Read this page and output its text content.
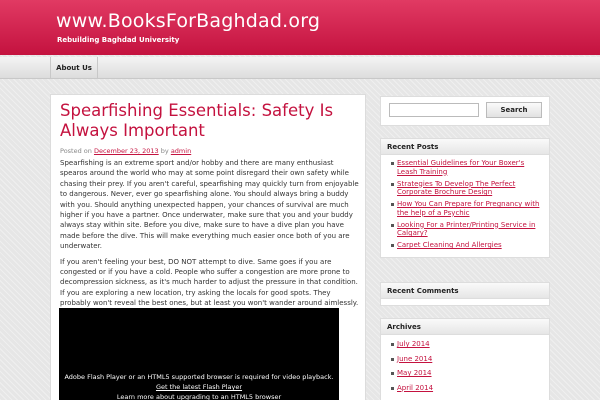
www.BooksForBaghdad.org
Rebuilding Baghdad University
About Us
Spearfishing Essentials: Safety Is Always Important
Posted on December 23, 2013 by admin

Spearfishing is an extreme sport and/or hobby and there are many enthusiast spearos around the world who may at some point disregard their own safety while chasing their prey. If you aren't careful, spearfishing may quickly turn from enjoyable to dangerous. Never, ever go spearfishing alone. You should always bring a buddy with you. Should anything unexpected happen, your chances of survival are much higher if you have a partner. Once underwater, make sure that you and your buddy always stay within site. Before you dive, make sure to have a dive plan you have made before the dive. This will make everything much easier once both of you are underwater.

If you aren't feeling your best, DO NOT attempt to dive. Same goes if you are congested or if you have a cold. People who suffer a congestion are more prone to decompression sickness, as it's much harder to adjust the pressure in that condition. If you are exploring a new location, try asking the locals for good spots. They probably won't reveal the best ones, but at least you won't wander around aimlessly.

Adobe Flash Player or an HTML5 supported browser is required for video playback.
Get the latest Flash Player
Learn more about upgrading to an HTML5 browser
Search
Recent Posts
Essential Guidelines for Your Boxer's Leash Training
Strategies To Develop The Perfect Corporate Brochure Design
How You Can Prepare for Pregnancy with the help of a Psychic
Looking For a Printer/Printing Service in Calgary?
Carpet Cleaning And Allergies
Recent Comments
Archives
July 2014
June 2014
May 2014
April 2014
